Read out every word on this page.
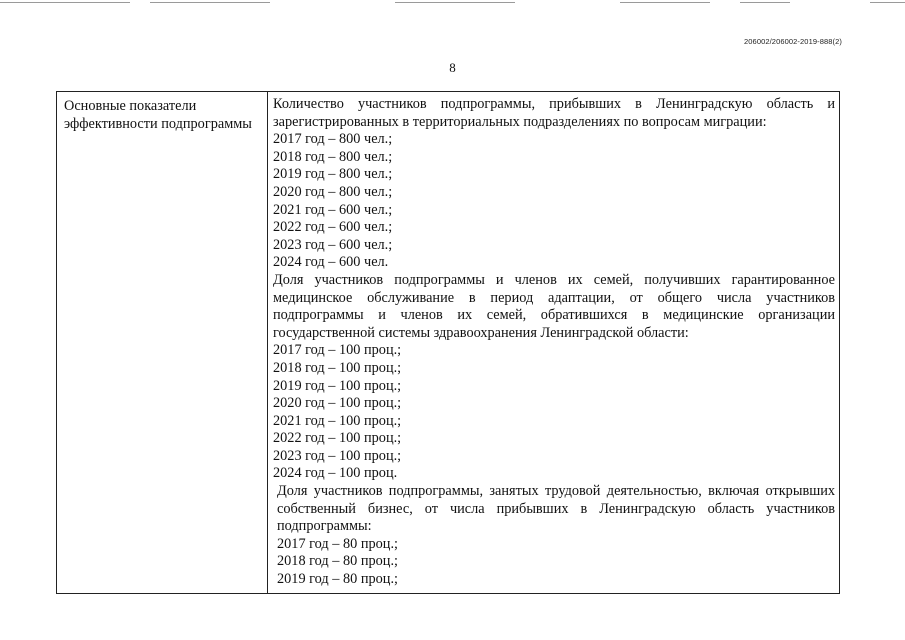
206002/206002-2019-888(2)
8
Основные показатели эффективности подпрограммы
Количество участников подпрограммы, прибывших в Ленинградскую область и зарегистрированных в территориальных подразделениях по вопросам миграции:
2017 год – 800 чел.;
2018 год – 800 чел.;
2019 год – 800 чел.;
2020 год – 800 чел.;
2021 год – 600 чел.;
2022 год – 600 чел.;
2023 год – 600 чел.;
2024 год – 600 чел.
Доля участников подпрограммы и членов их семей, получивших гарантированное медицинское обслуживание в период адаптации, от общего числа участников подпрограммы и членов их семей, обратившихся в медицинские организации государственной системы здравоохранения Ленинградской области:
2017 год – 100 проц.;
2018 год – 100 проц.;
2019 год – 100 проц.;
2020 год – 100 проц.;
2021 год – 100 проц.;
2022 год – 100 проц.;
2023 год – 100 проц.;
2024 год – 100 проц.
Доля участников подпрограммы, занятых трудовой деятельностью, включая открывших собственный бизнес, от числа прибывших в Ленинградскую область участников подпрограммы:
2017 год – 80 проц.;
2018 год – 80 проц.;
2019 год – 80 проц.;
